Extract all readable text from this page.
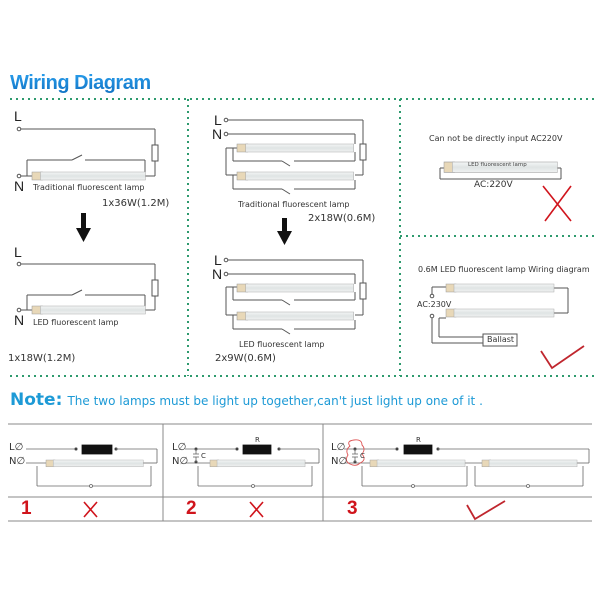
Wiring Diagram
L
N Traditional fluorescent lamp
1x36W(1.2M)
L
N LED fluorescent lamp
1x18W(1.2M)
L
N
Traditional fluorescent lamp
2x18W(0.6M)
L
N
LED fluorescent lamp
2x9W(0.6M)
Can not be directly input AC220V
LED fluorescent lamp
AC:220V
0.6M LED fluorescent lamp Wiring diagram
AC:230V
Ballast
Note: The two lamps must be light up together,can't just light up one of it .
L∅
N∅
1
L∅
N∅
R
C
2
L∅
N∅
R
C
3
